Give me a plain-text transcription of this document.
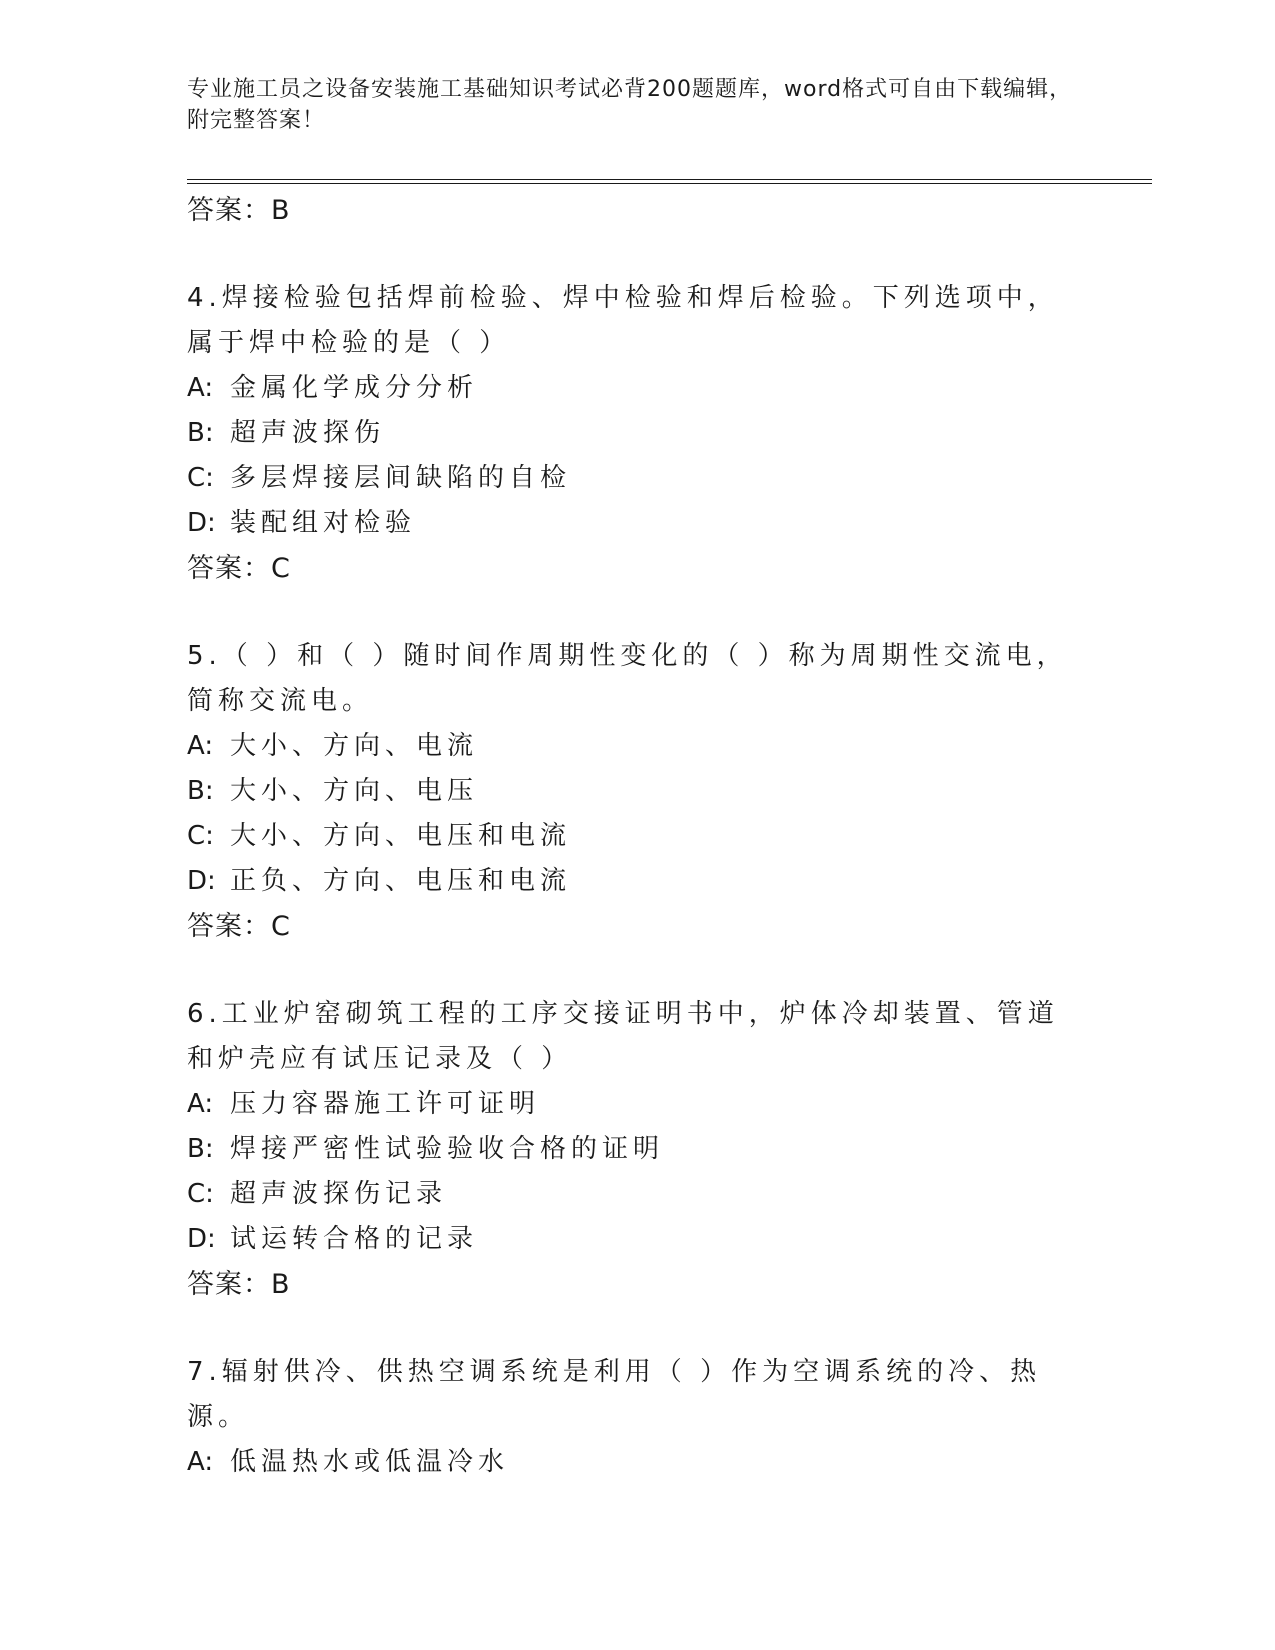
专业施工员之设备安装施工基础知识考试必背200题题库，word格式可自由下载编辑，附完整答案！
答案：B
4.焊接检验包括焊前检验、焊中检验和焊后检验。下列选项中，属于焊中检验的是（ ）
A: 金属化学成分分析
B: 超声波探伤
C: 多层焊接层间缺陷的自检
D: 装配组对检验
答案：C
5.（ ）和（ ）随时间作周期性变化的（ ）称为周期性交流电，简称交流电。
A: 大小、方向、电流
B: 大小、方向、电压
C: 大小、方向、电压和电流
D: 正负、方向、电压和电流
答案：C
6.工业炉窑砌筑工程的工序交接证明书中，炉体冷却装置、管道和炉壳应有试压记录及（ ）
A: 压力容器施工许可证明
B: 焊接严密性试验验收合格的证明
C: 超声波探伤记录
D: 试运转合格的记录
答案：B
7.辐射供冷、供热空调系统是利用（ ）作为空调系统的冷、热源。
A: 低温热水或低温冷水
